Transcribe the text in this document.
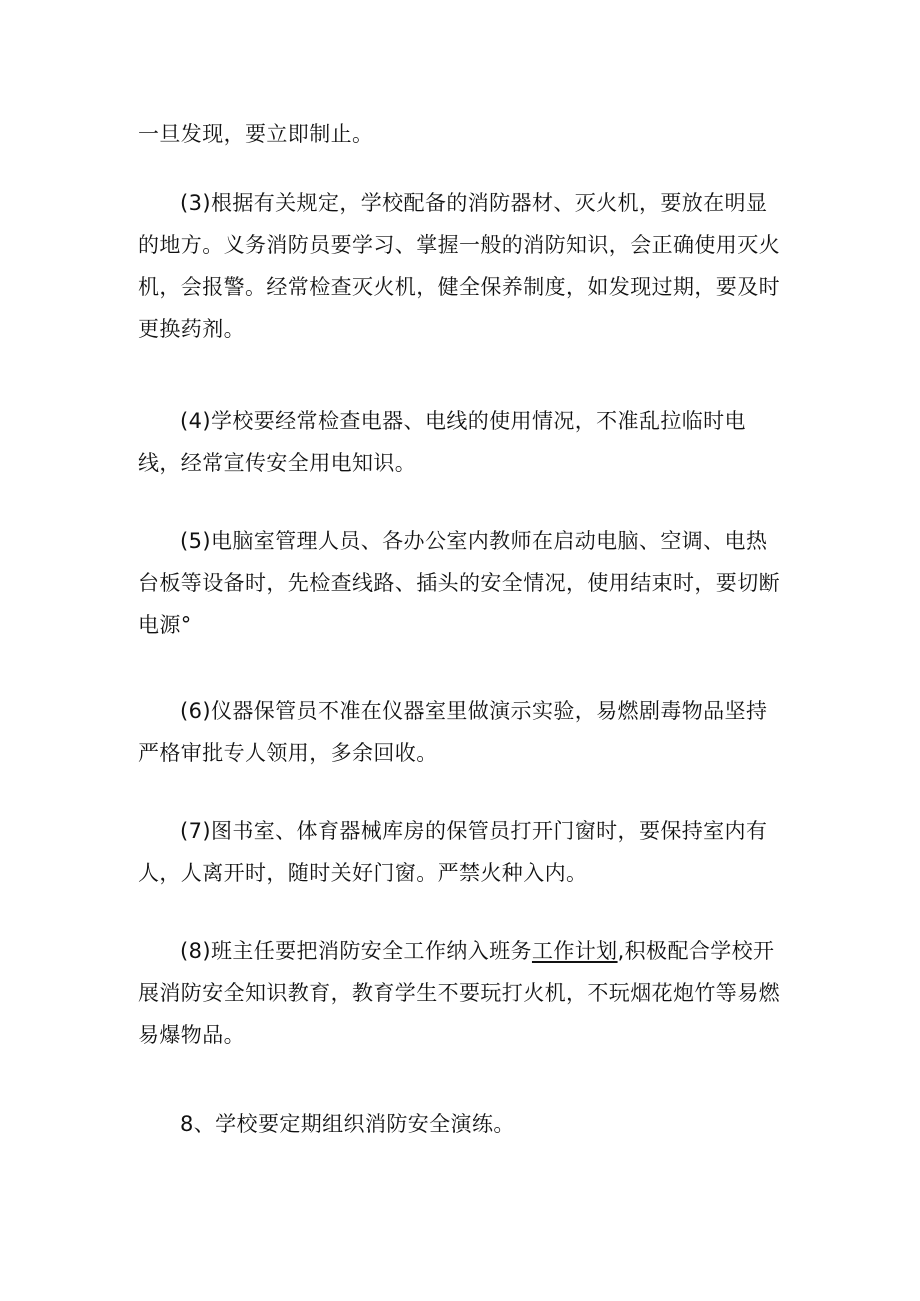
一旦发现，要立即制止。

(3)根据有关规定，学校配备的消防器材、灭火机，要放在明显的地方。义务消防员要学习、掌握一般的消防知识，会正确使用灭火机，会报警。经常检查灭火机，健全保养制度，如发现过期，要及时更换药剂。

(4)学校要经常检查电器、电线的使用情况，不准乱拉临时电线，经常宣传安全用电知识。

(5)电脑室管理人员、各办公室内教师在启动电脑、空调、电热台板等设备时，先检查线路、插头的安全情况，使用结束时，要切断电源°

(6)仪器保管员不准在仪器室里做演示实验，易燃剧毒物品坚持严格审批专人领用，多余回收。

(7)图书室、体育器械库房的保管员打开门窗时，要保持室内有人，人离开时，随时关好门窗。严禁火种入内。

(8)班主任要把消防安全工作纳入班务工作计划,积极配合学校开展消防安全知识教育，教育学生不要玩打火机，不玩烟花炮竹等易燃易爆物品。

8、学校要定期组织消防安全演练。
